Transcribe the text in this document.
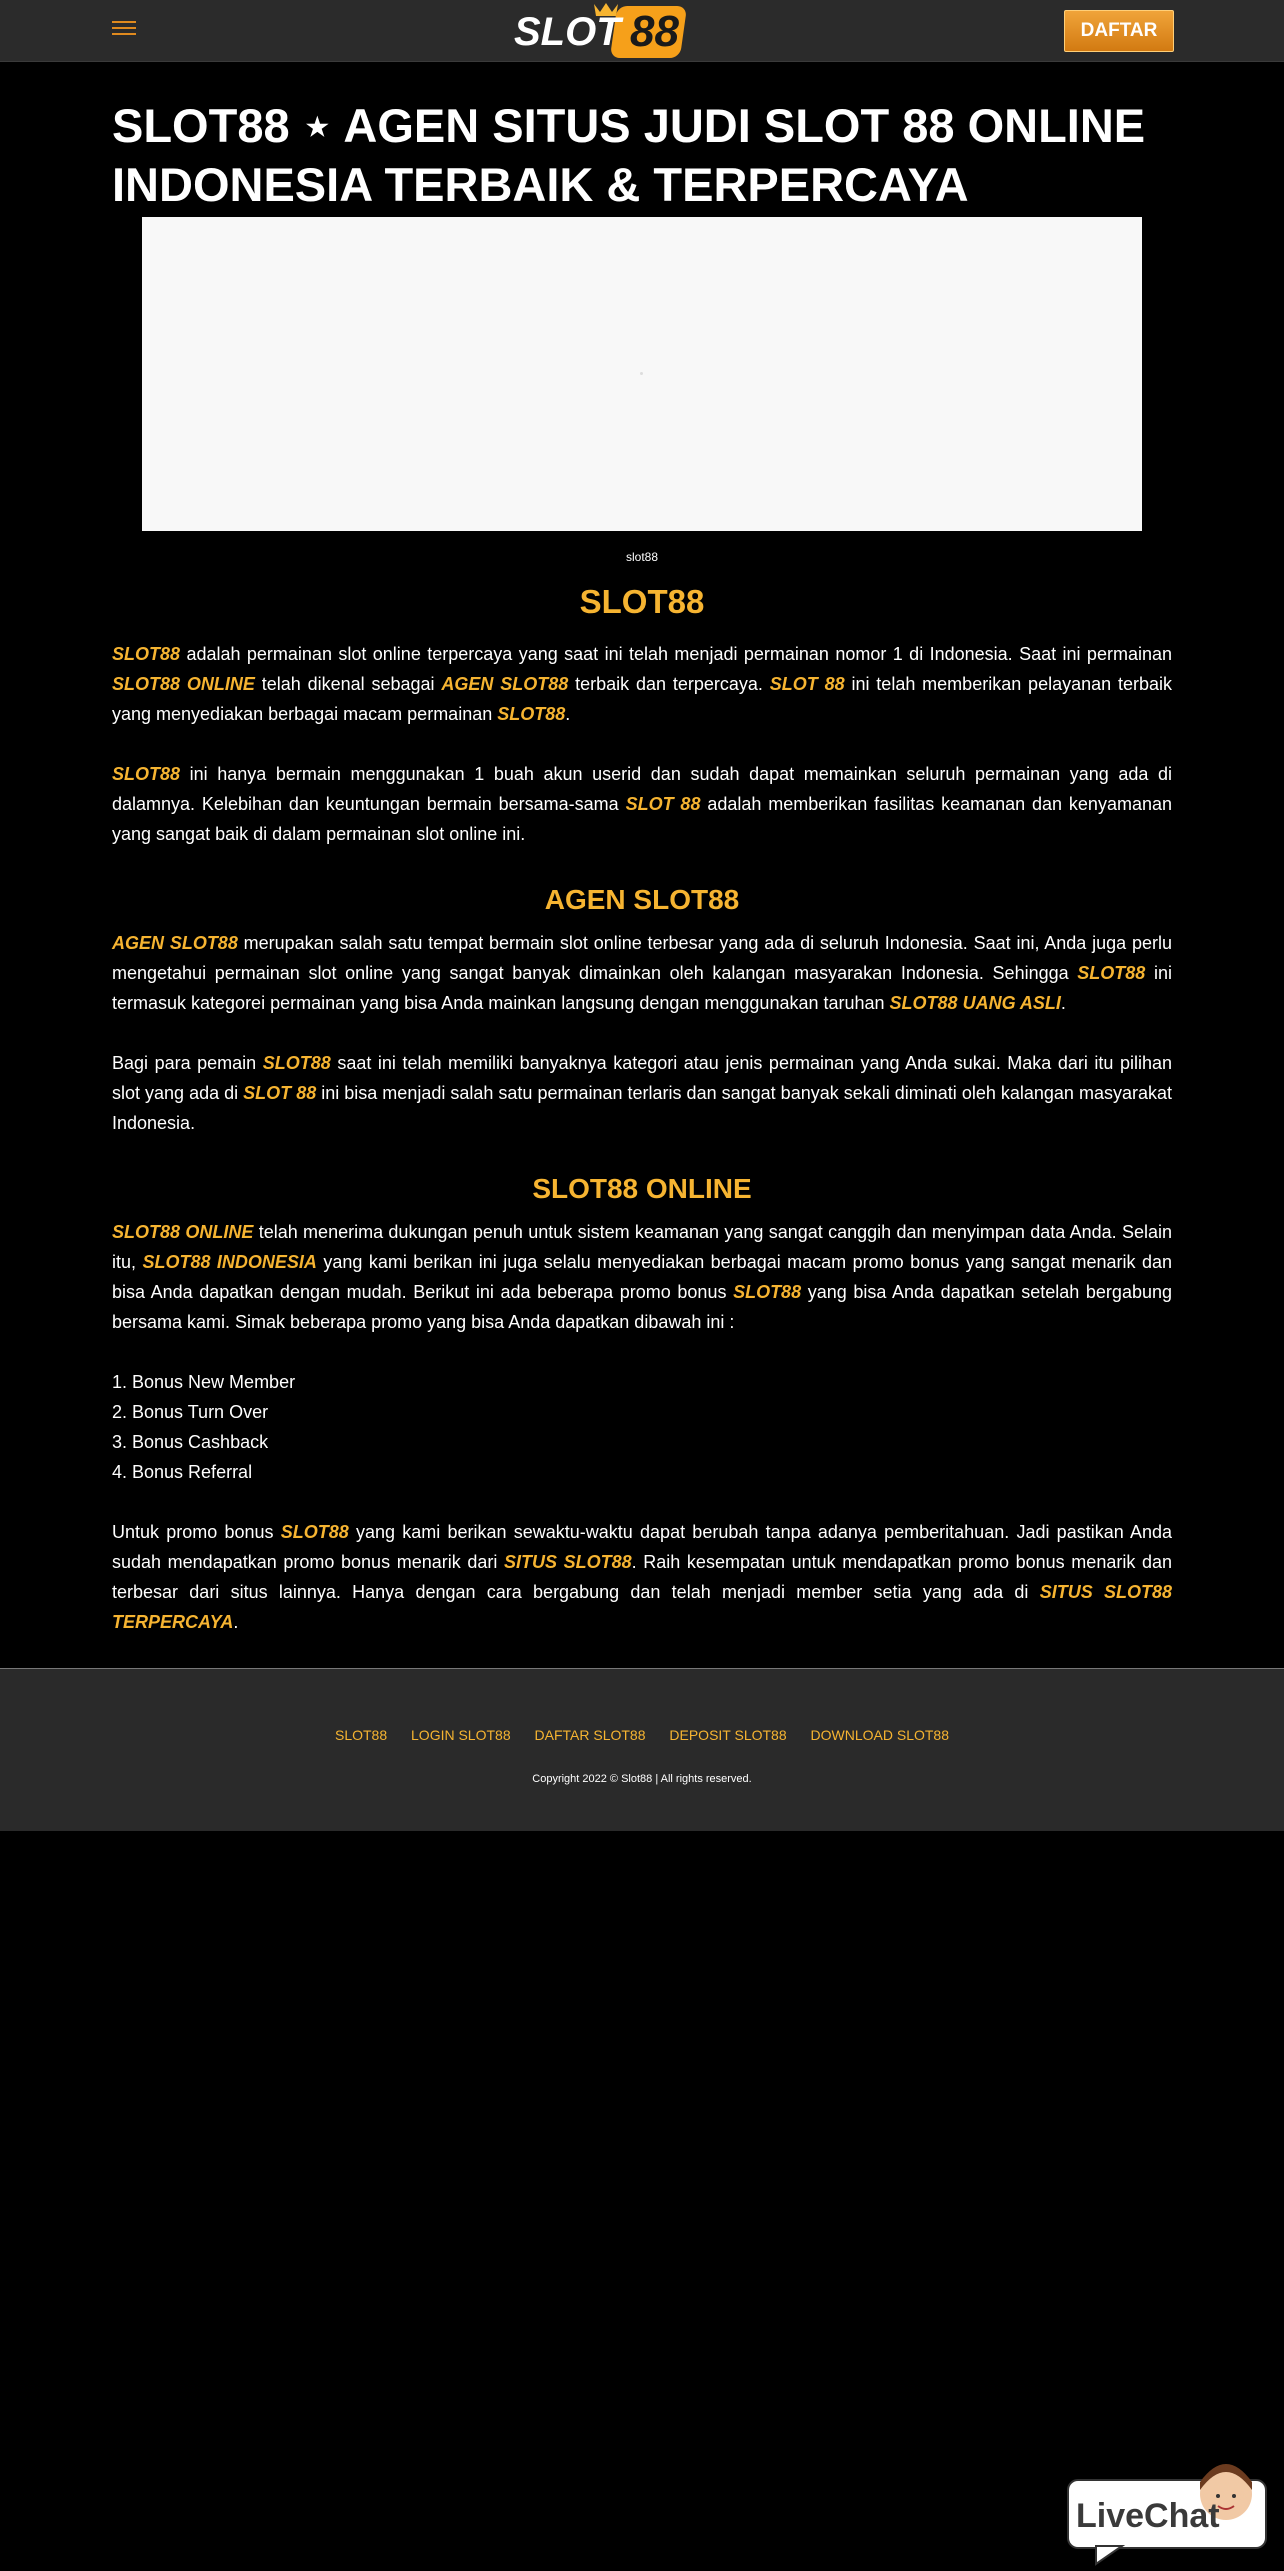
SLOT 88	DAFTAR
SLOT88 ⋆ AGEN SITUS JUDI SLOT 88 ONLINE INDONESIA TERBAIK & TERPERCAYA
slot88
SLOT88

SLOT88 adalah permainan slot online terpercaya yang saat ini telah menjadi permainan nomor 1 di Indonesia. Saat ini permainan SLOT88 ONLINE telah dikenal sebagai AGEN SLOT88 terbaik dan terpercaya. SLOT 88 ini telah memberikan pelayanan terbaik yang menyediakan berbagai macam permainan SLOT88.

SLOT88 ini hanya bermain menggunakan 1 buah akun userid dan sudah dapat memainkan seluruh permainan yang ada di dalamnya. Kelebihan dan keuntungan bermain bersama-sama SLOT 88 adalah memberikan fasilitas keamanan dan kenyamanan yang sangat baik di dalam permainan slot online ini.

AGEN SLOT88

AGEN SLOT88 merupakan salah satu tempat bermain slot online terbesar yang ada di seluruh Indonesia. Saat ini, Anda juga perlu mengetahui permainan slot online yang sangat banyak dimainkan oleh kalangan masyarakan Indonesia. Sehingga SLOT88 ini termasuk kategorei permainan yang bisa Anda mainkan langsung dengan menggunakan taruhan SLOT88 UANG ASLI.

Bagi para pemain SLOT88 saat ini telah memiliki banyaknya kategori atau jenis permainan yang Anda sukai. Maka dari itu pilihan slot yang ada di SLOT 88 ini bisa menjadi salah satu permainan terlaris dan sangat banyak sekali diminati oleh kalangan masyarakat Indonesia.

SLOT88 ONLINE

SLOT88 ONLINE telah menerima dukungan penuh untuk sistem keamanan yang sangat canggih dan menyimpan data Anda. Selain itu, SLOT88 INDONESIA yang kami berikan ini juga selalu menyediakan berbagai macam promo bonus yang sangat menarik dan bisa Anda dapatkan dengan mudah. Berikut ini ada beberapa promo bonus SLOT88 yang bisa Anda dapatkan setelah bergabung bersama kami. Simak beberapa promo yang bisa Anda dapatkan dibawah ini :

1. Bonus New Member
2. Bonus Turn Over
3. Bonus Cashback
4. Bonus Referral

Untuk promo bonus SLOT88 yang kami berikan sewaktu-waktu dapat berubah tanpa adanya pemberitahuan. Jadi pastikan Anda sudah mendapatkan promo bonus menarik dari SITUS SLOT88. Raih kesempatan untuk mendapatkan promo bonus menarik dan terbesar dari situs lainnya. Hanya dengan cara bergabung dan telah menjadi member setia yang ada di SITUS SLOT88 TERPERCAYA.

SLOT88 LOGIN SLOT88 DAFTAR SLOT88 DEPOSIT SLOT88 DOWNLOAD SLOT88
Copyright 2022 © Slot88 | All rights reserved.
LiveChat
